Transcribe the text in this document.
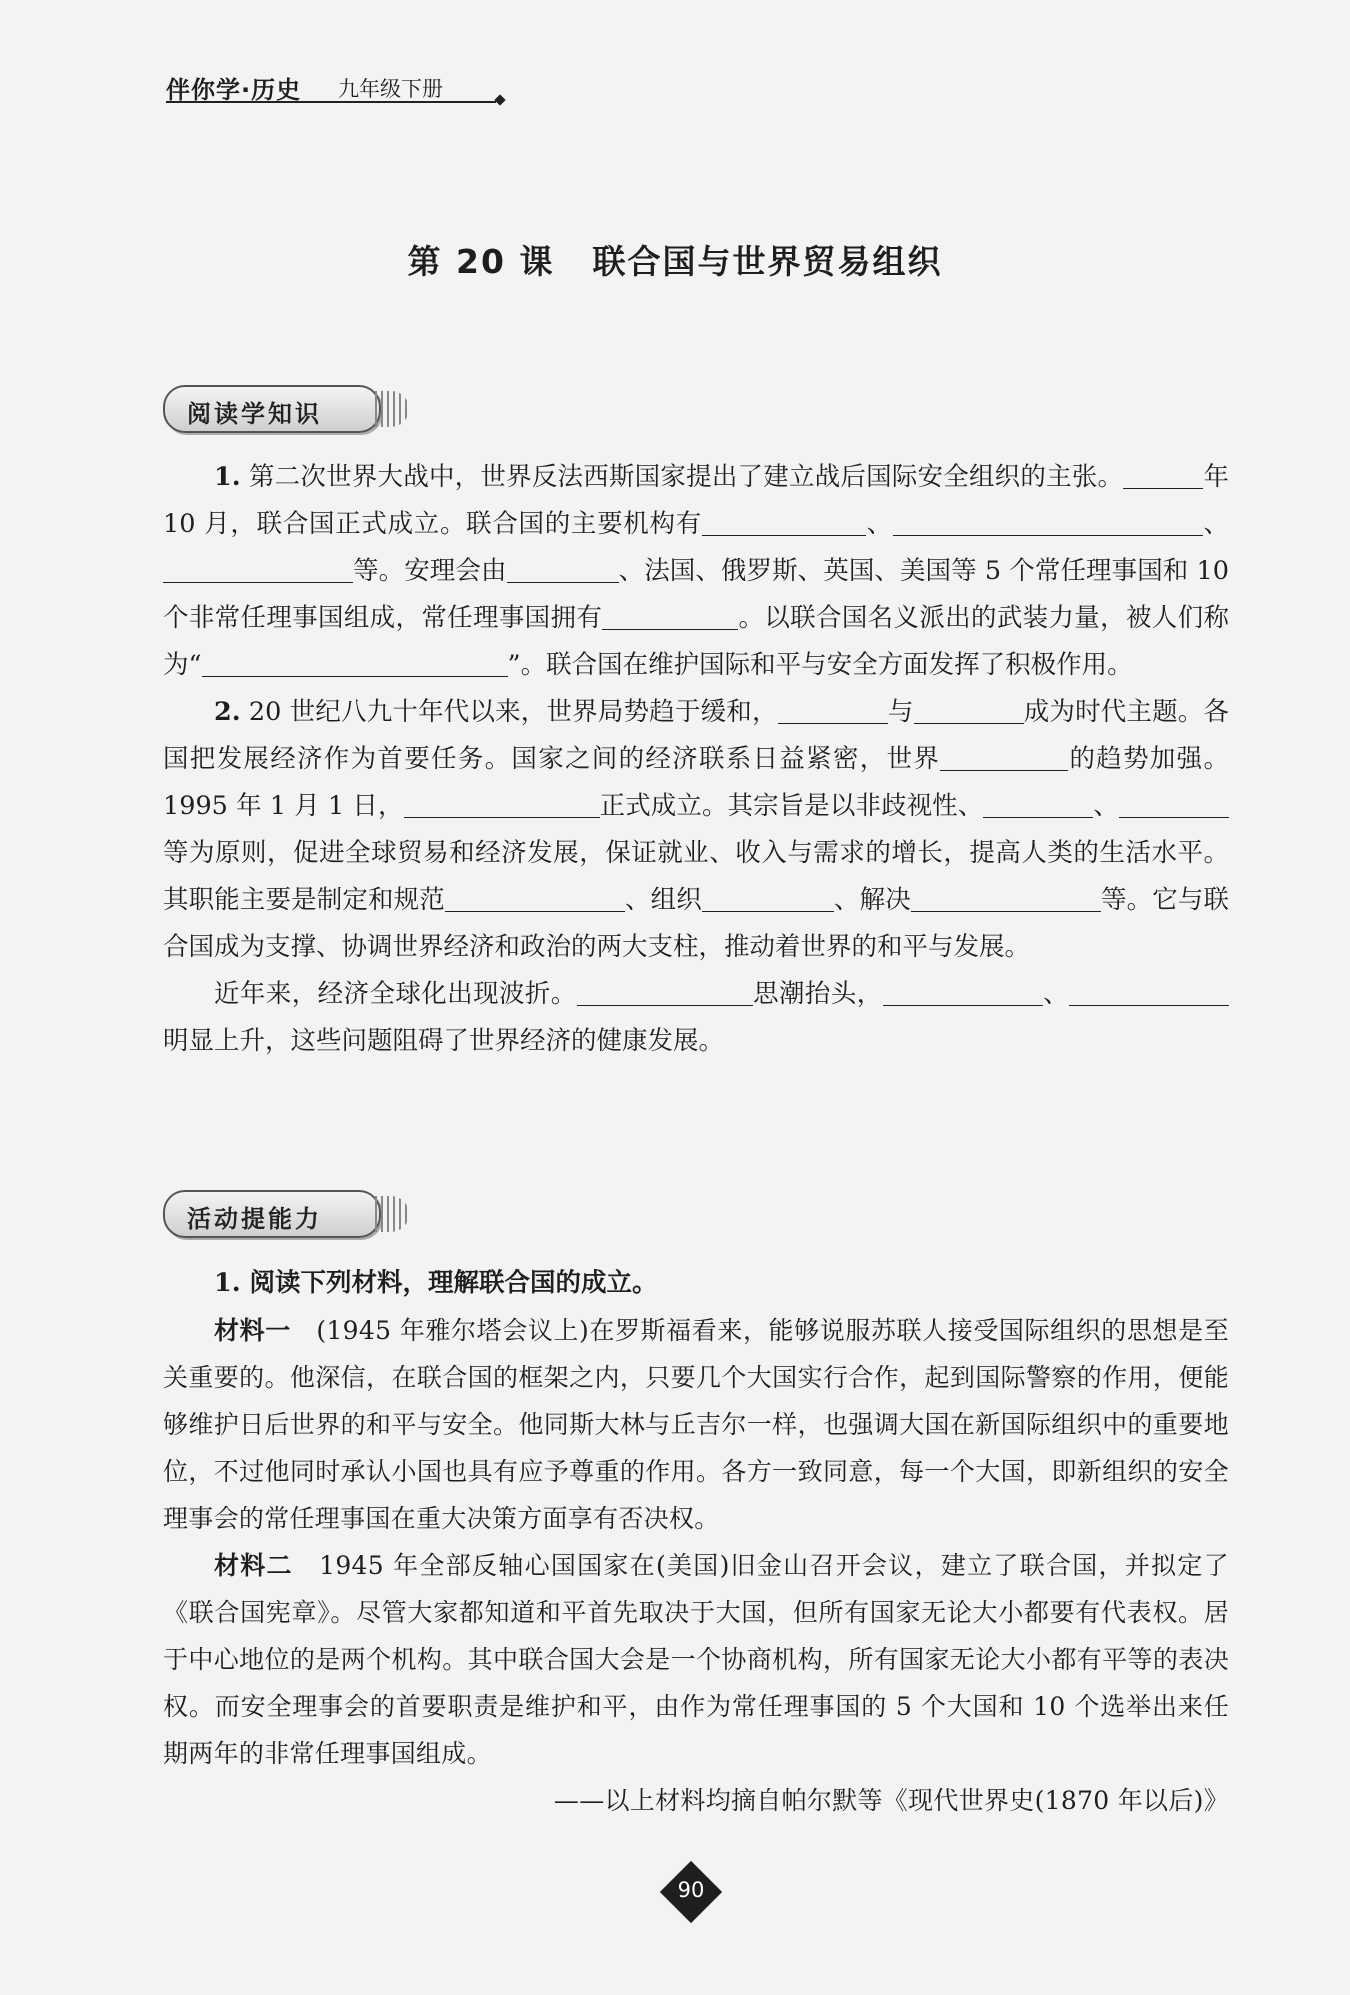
伴你学·历史 九年级下册
第 20 课 联合国与世界贸易组织
阅读学知识

1. 第二次世界大战中，世界反法西斯国家提出了建立战后国际安全组织的主张。	年 10 月，联合国正式成立。联合国的主要机构有	、	、等。安理会由	、法国、俄罗斯、英国、美国等 5 个常任理事国和 10 个非常任理事国组成，常任理事国拥有	。以联合国名义派出的武装力量，被人们称为“	”。联合国在维护国际和平与安全方面发挥了积极作用。

2. 20 世纪八九十年代以来，世界局势趋于缓和，	与	成为时代主题。各国把发展经济作为首要任务。国家之间的经济联系日益紧密，世界	的趋势加强。1995 年 1 月 1 日，	正式成立。其宗旨是以非歧视性、	、等为原则，促进全球贸易和经济发展，保证就业、收入与需求的增长，提高人类的生活水平。其职能主要是制定和规范	、组织	、解决	等。它与联合国成为支撑、协调世界经济和政治的两大支柱，推动着世界的和平与发展。

近年来，经济全球化出现波折。	思潮抬头，	、明显上升，这些问题阻碍了世界经济的健康发展。

活动提能力

1. 阅读下列材料，理解联合国的成立。

材料一　 (1945 年雅尔塔会议上)在罗斯福看来，能够说服苏联人接受国际组织的思想是至关重要的。他深信，在联合国的框架之内，只要几个大国实行合作，起到国际警察的作用，便能够维护日后世界的和平与安全。他同斯大林与丘吉尔一样，也强调大国在新国际组织中的重要地位，不过他同时承认小国也具有应予尊重的作用。各方一致同意，每一个大国，即新组织的安全理事会的常任理事国在重大决策方面享有否决权。

材料二　 1945 年全部反轴心国国家在(美国)旧金山召开会议，建立了联合国，并拟定了《联合国宪章》。尽管大家都知道和平首先取决于大国，但所有国家无论大小都要有代表权。居于中心地位的是两个机构。其中联合国大会是一个协商机构，所有国家无论大小都有平等的表决权。而安全理事会的首要职责是维护和平，由作为常任理事国的 5 个大国和 10 个选举出来任期两年的非常任理事国组成。

——以上材料均摘自帕尔默等《现代世界史(1870 年以后)》

90
